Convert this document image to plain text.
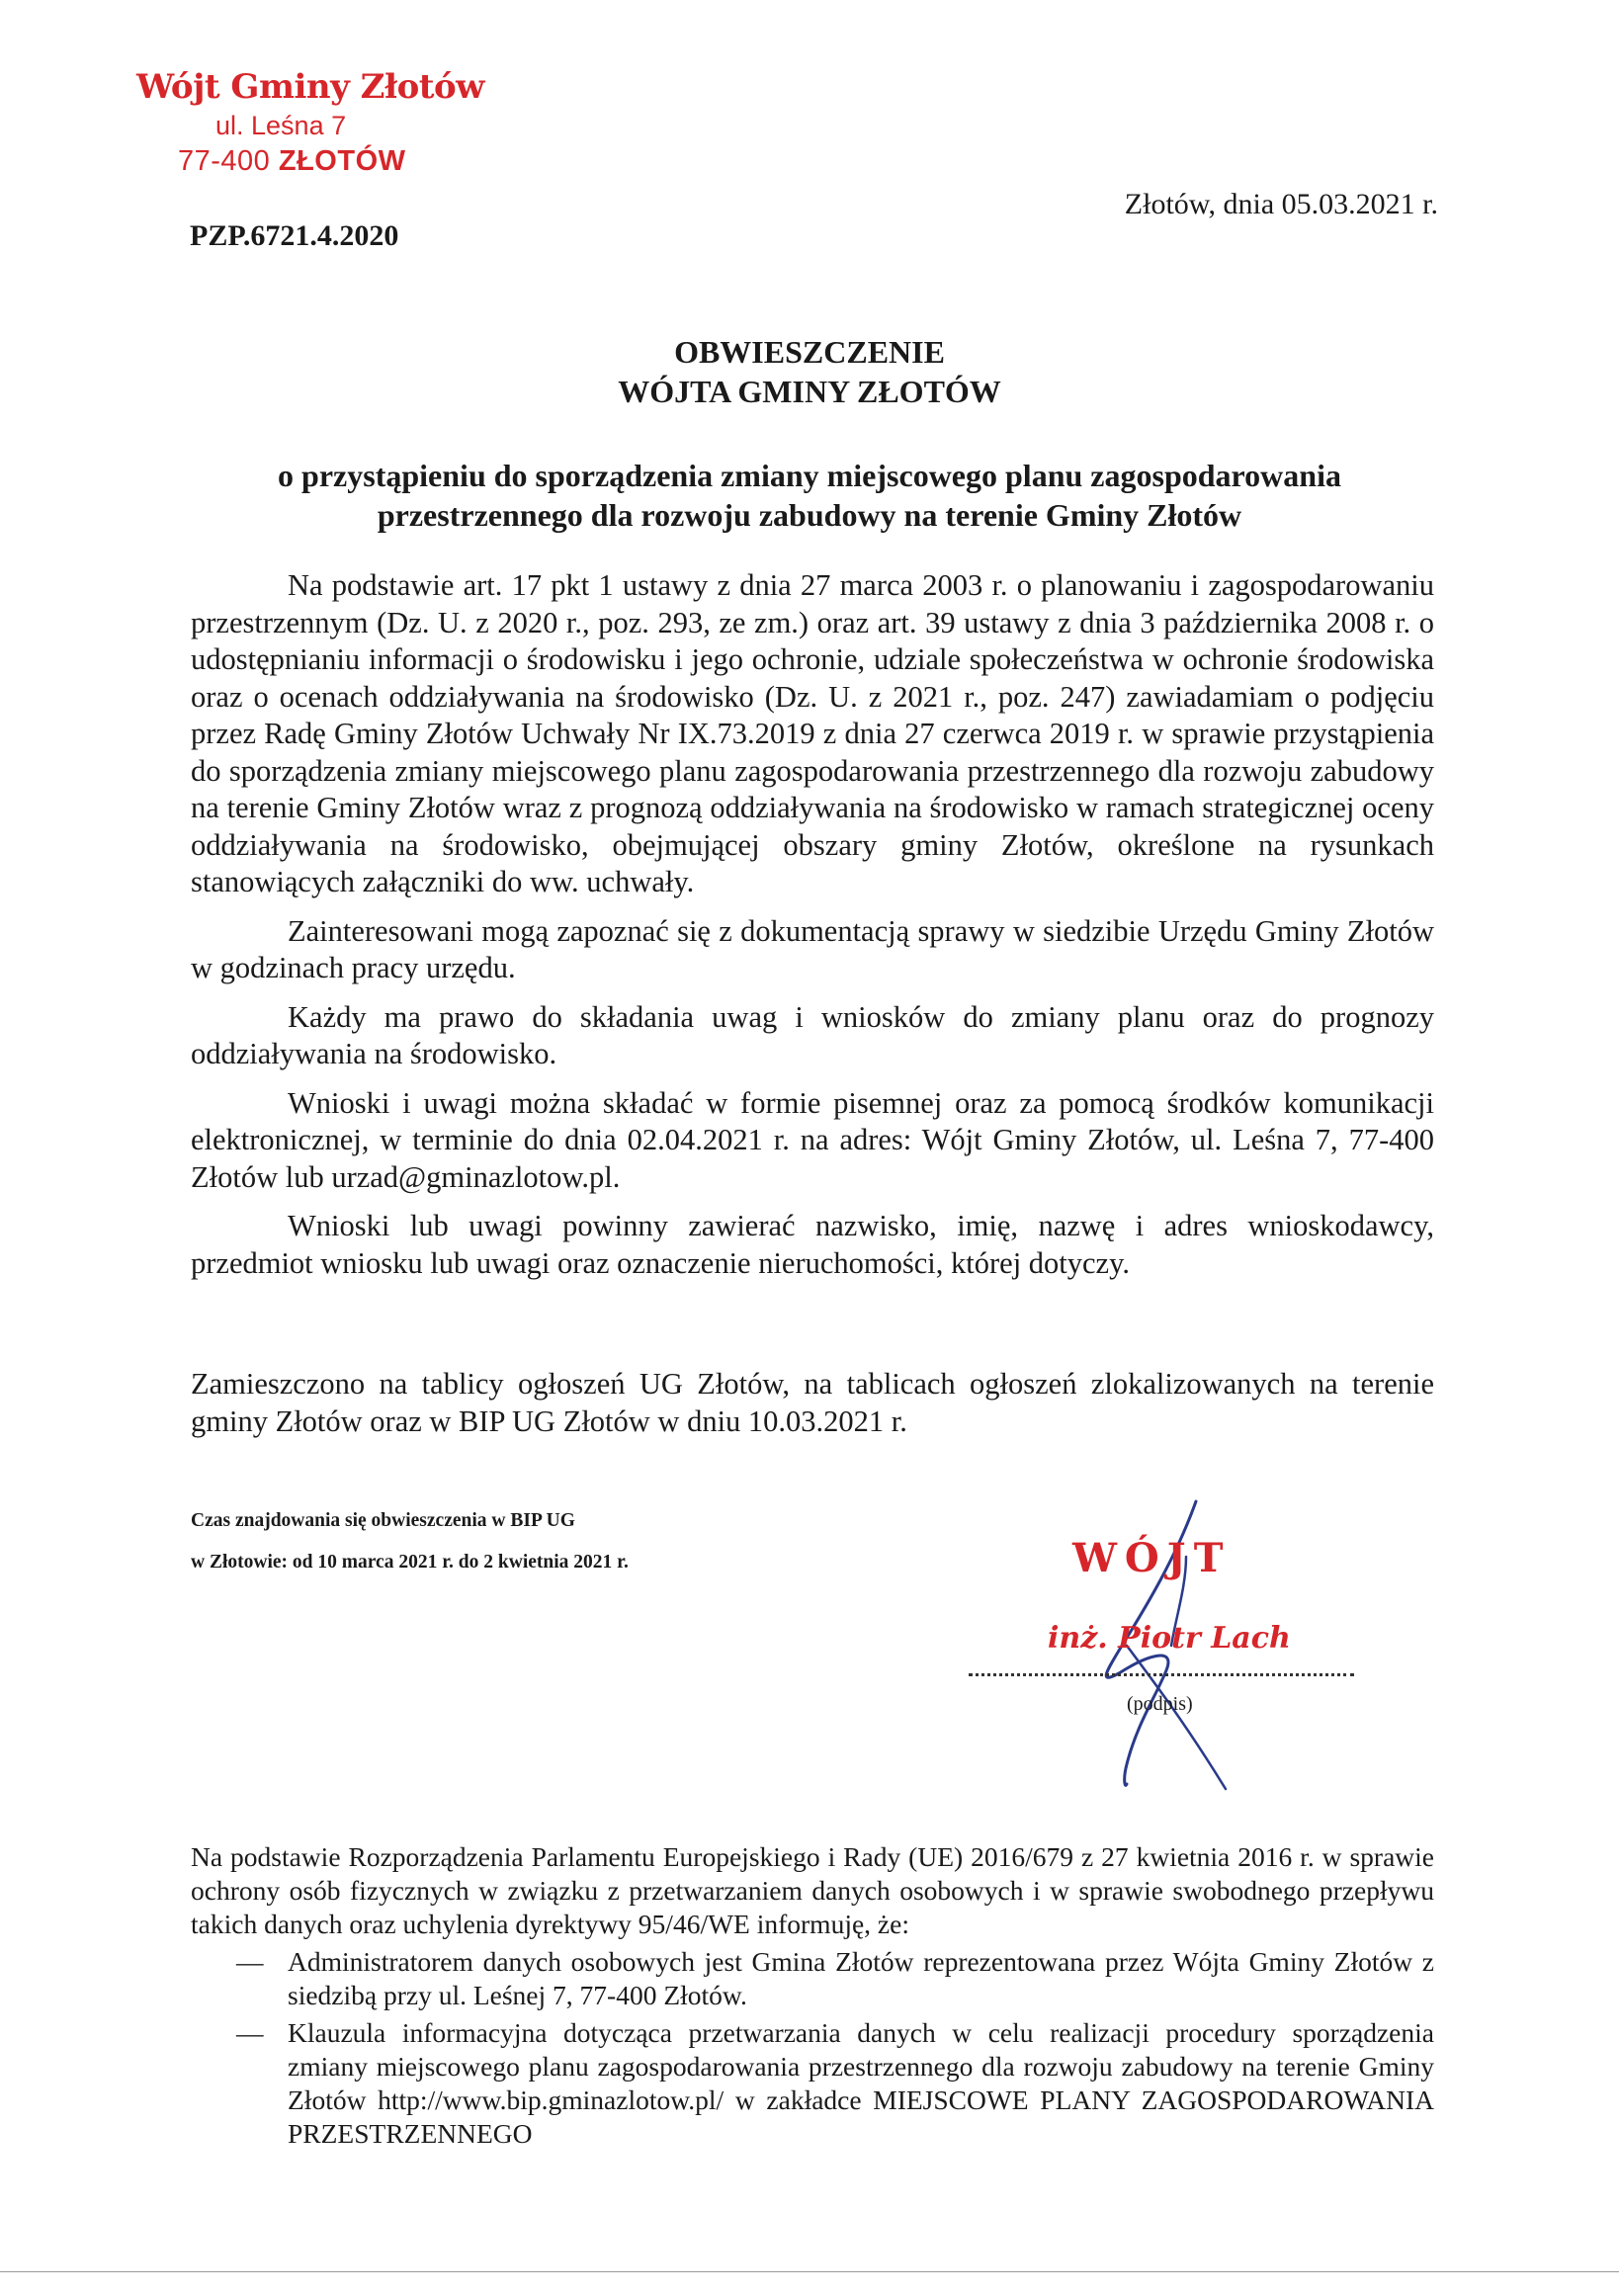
Wójt Gminy Złotów
ul. Leśna 7
77-400 ZŁOTÓW
PZP.6721.4.2020
Złotów, dnia 05.03.2021 r.
OBWIESZCZENIE
WÓJTA GMINY ZŁOTÓW
o przystąpieniu do sporządzenia zmiany miejscowego planu zagospodarowania
przestrzennego dla rozwoju zabudowy na terenie Gminy Złotów

Na podstawie art. 17 pkt 1 ustawy z dnia 27 marca 2003 r. o planowaniu i zagospodarowaniu przestrzennym (Dz. U. z 2020 r., poz. 293, ze zm.) oraz art. 39 ustawy z dnia 3 października 2008 r. o udostępnianiu informacji o środowisku i jego ochronie, udziale społeczeństwa w ochronie środowiska oraz o ocenach oddziaływania na środowisko (Dz. U. z 2021 r., poz. 247) zawiadamiam o podjęciu przez Radę Gminy Złotów Uchwały Nr IX.73.2019 z dnia 27 czerwca 2019 r. w sprawie przystąpienia do sporządzenia zmiany miejscowego planu zagospodarowania przestrzennego dla rozwoju zabudowy na terenie Gminy Złotów wraz z prognozą oddziaływania na środowisko w ramach strategicznej oceny oddziaływania na środowisko, obejmującej obszary gminy Złotów, określone na rysunkach stanowiących załączniki do ww. uchwały.

Zainteresowani mogą zapoznać się z dokumentacją sprawy w siedzibie Urzędu Gminy Złotów w godzinach pracy urzędu.

Każdy ma prawo do składania uwag i wniosków do zmiany planu oraz do prognozy oddziaływania na środowisko.

Wnioski i uwagi można składać w formie pisemnej oraz za pomocą środków komunikacji elektronicznej, w terminie do dnia 02.04.2021 r. na adres: Wójt Gminy Złotów, ul. Leśna 7, 77-400 Złotów lub urzad@gminazlotow.pl.

Wnioski lub uwagi powinny zawierać nazwisko, imię, nazwę i adres wnioskodawcy, przedmiot wniosku lub uwagi oraz oznaczenie nieruchomości, której dotyczy.

Zamieszczono na tablicy ogłoszeń UG Złotów, na tablicach ogłoszeń zlokalizowanych na terenie gminy Złotów oraz w BIP UG Złotów w dniu 10.03.2021 r.

Czas znajdowania się obwieszczenia w BIP UG
w Złotowie: od 10 marca 2021 r. do 2 kwietnia 2021 r.	WÓJT
inż. Piotr Lach
(podpis)

Na podstawie Rozporządzenia Parlamentu Europejskiego i Rady (UE) 2016/679 z 27 kwietnia 2016 r. w sprawie ochrony osób fizycznych w związku z przetwarzaniem danych osobowych i w sprawie swobodnego przepływu takich danych oraz uchylenia dyrektywy 95/46/WE informuję, że:

— Administratorem danych osobowych jest Gmina Złotów reprezentowana przez Wójta Gminy Złotów z siedzibą przy ul. Leśnej 7, 77-400 Złotów.
— Klauzula informacyjna dotycząca przetwarzania danych w celu realizacji procedury sporządzenia zmiany miejscowego planu zagospodarowania przestrzennego dla rozwoju zabudowy na terenie Gminy Złotów http://www.bip.gminazlotow.pl/ w zakładce MIEJSCOWE PLANY ZAGOSPODAROWANIA PRZESTRZENNEGO
